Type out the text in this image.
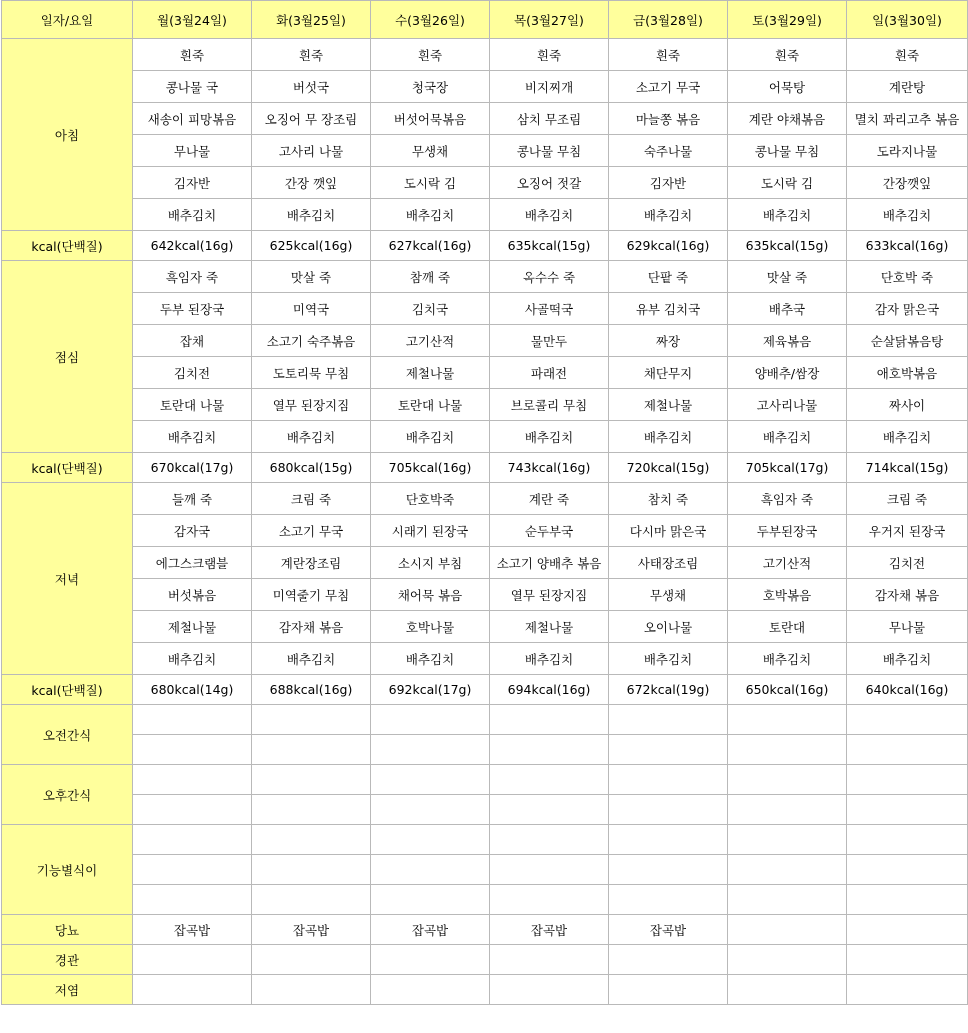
일자/요일	월(3월24일)	화(3월25일)	수(3월26일)	목(3월27일)	금(3월28일)	토(3월29일)	일(3월30일)
아침	흰죽	흰죽	흰죽	흰죽	흰죽	흰죽	흰죽
	콩나물 국	버섯국	청국장	비지찌개	소고기 무국	어묵탕	계란탕
	새송이 피망볶음	오징어 무 장조림	버섯어묵볶음	삼치 무조림	마늘쫑 볶음	계란 야채볶음	멸치 꽈리고추 볶음
	무나물	고사리 나물	무생채	콩나물 무침	숙주나물	콩나물 무침	도라지나물
	김자반	간장 깻잎	도시락 김	오징어 젓갈	김자반	도시락 김	간장깻잎
	배추김치	배추김치	배추김치	배추김치	배추김치	배추김치	배추김치
kcal(단백질)	642kcal(16g)	625kcal(16g)	627kcal(16g)	635kcal(15g)	629kcal(16g)	635kcal(15g)	633kcal(16g)
점심	흑임자 죽	맛살 죽	참깨 죽	옥수수 죽	단팥 죽	맛살 죽	단호박 죽
	두부 된장국	미역국	김치국	사골떡국	유부 김치국	배추국	감자 맑은국
	잡채	소고기 숙주볶음	고기산적	물만두	짜장	제육볶음	순살닭볶음탕
	김치전	도토리묵 무침	제철나물	파래전	채단무지	양배추/쌈장	애호박볶음
	토란대 나물	열무 된장지짐	토란대 나물	브로콜리 무침	제철나물	고사리나물	짜사이
	배추김치	배추김치	배추김치	배추김치	배추김치	배추김치	배추김치
kcal(단백질)	670kcal(17g)	680kcal(15g)	705kcal(16g)	743kcal(16g)	720kcal(15g)	705kcal(17g)	714kcal(15g)
저녁	들깨 죽	크림 죽	단호박죽	계란 죽	참치 죽	흑임자 죽	크림 죽
	감자국	소고기 무국	시래기 된장국	순두부국	다시마 맑은국	두부된장국	우거지 된장국
	에그스크램블	계란장조림	소시지 부침	소고기 양배추 볶음	사태장조림	고기산적	김치전
	버섯볶음	미역줄기 무침	채어묵 볶음	열무 된장지짐	무생채	호박볶음	감자채 볶음
	제철나물	감자채 볶음	호박나물	제철나물	오이나물	토란대	무나물
	배추김치	배추김치	배추김치	배추김치	배추김치	배추김치	배추김치
kcal(단백질)	680kcal(14g)	688kcal(16g)	692kcal(17g)	694kcal(16g)	672kcal(19g)	650kcal(16g)	640kcal(16g)
오전간식							

오후간식							

기능별식이							

당뇨	잡곡밥	잡곡밥	잡곡밥	잡곡밥	잡곡밥		
경관							
저염							
